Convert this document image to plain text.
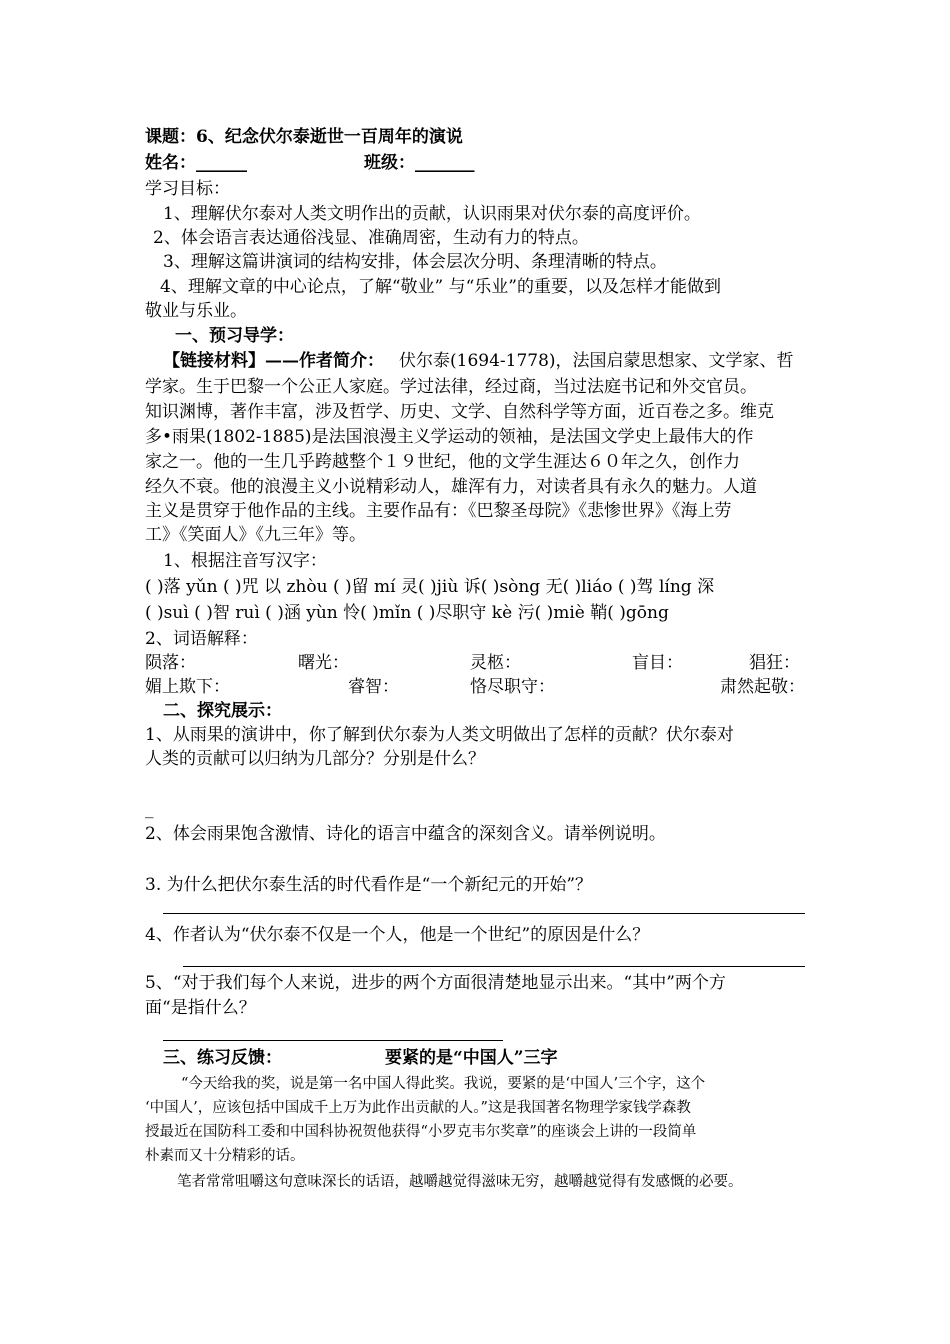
课题：6、纪念伏尔泰逝世一百周年的演说
姓名：______	班级：_______
学习目标：
1、理解伏尔泰对人类文明作出的贡献，认识雨果对伏尔泰的高度评价。
2、体会语言表达通俗浅显、准确周密，生动有力的特点。
3、理解这篇讲演词的结构安排，体会层次分明、条理清晰的特点。
4、理解文章的中心论点，了解“敬业” 与“乐业”的重要，以及怎样才能做到
敬业与乐业。
一、预习导学：
【链接材料】——作者简介： 伏尔泰(1694-1778)，法国启蒙思想家、文学家、哲
学家。生于巴黎一个公正人家庭。学过法律，经过商，当过法庭书记和外交官员。
知识渊博，著作丰富，涉及哲学、历史、文学、自然科学等方面，近百卷之多。维克
多•雨果(1802-1885)是法国浪漫主义学运动的领袖，是法国文学史上最伟大的作
家之一。他的一生几乎跨越整个１９世纪，他的文学生涯达６０年之久，创作力
经久不衰。他的浪漫主义小说精彩动人，雄浑有力，对读者具有永久的魅力。人道
主义是贯穿于他作品的主线。主要作品有：《巴黎圣母院》《悲惨世界》《海上劳
工》《笑面人》《九三年》等。
1、根据注音写汉字：
( )落 yǔn ( )咒 以 zhòu ( )留 mí 灵( )jiù 诉( )sòng 无( )liáo ( )驾 líng 深
( )suì ( )智 ruì ( )涵 yùn 怜( )mǐn ( )尽职守 kè 污( )miè 鞘( )gōng
2、词语解释：
陨落：	曙光：	灵柩：	盲目：	猖狂：
媚上欺下：	睿智：	恪尽职守：	肃然起敬：
二、探究展示：
1、从雨果的演讲中，你了解到伏尔泰为人类文明做出了怎样的贡献？伏尔泰对
人类的贡献可以归纳为几部分？分别是什么？
_
2、体会雨果饱含激情、诗化的语言中蕴含的深刻含义。请举例说明。
3. 为什么把伏尔泰生活的时代看作是“一个新纪元的开始”？
4、作者认为“伏尔泰不仅是一个人，他是一个世纪”的原因是什么？
5、“对于我们每个人来说，进步的两个方面很清楚地显示出来。“其中”两个方
面“是指什么？
三、练习反馈：	要紧的是“中国人”三字
“今天给我的奖，说是第一名中国人得此奖。我说，要紧的是‘中国人’三个字，这个
‘中国人’，应该包括中国成千上万为此作出贡献的人。”这是我国著名物理学家钱学森教
授最近在国防科工委和中国科协祝贺他获得“小罗克韦尔奖章”的座谈会上讲的一段简单
朴素而又十分精彩的话。
笔者常常咀嚼这句意味深长的话语，越嚼越觉得滋味无穷，越嚼越觉得有发感慨的必要。
